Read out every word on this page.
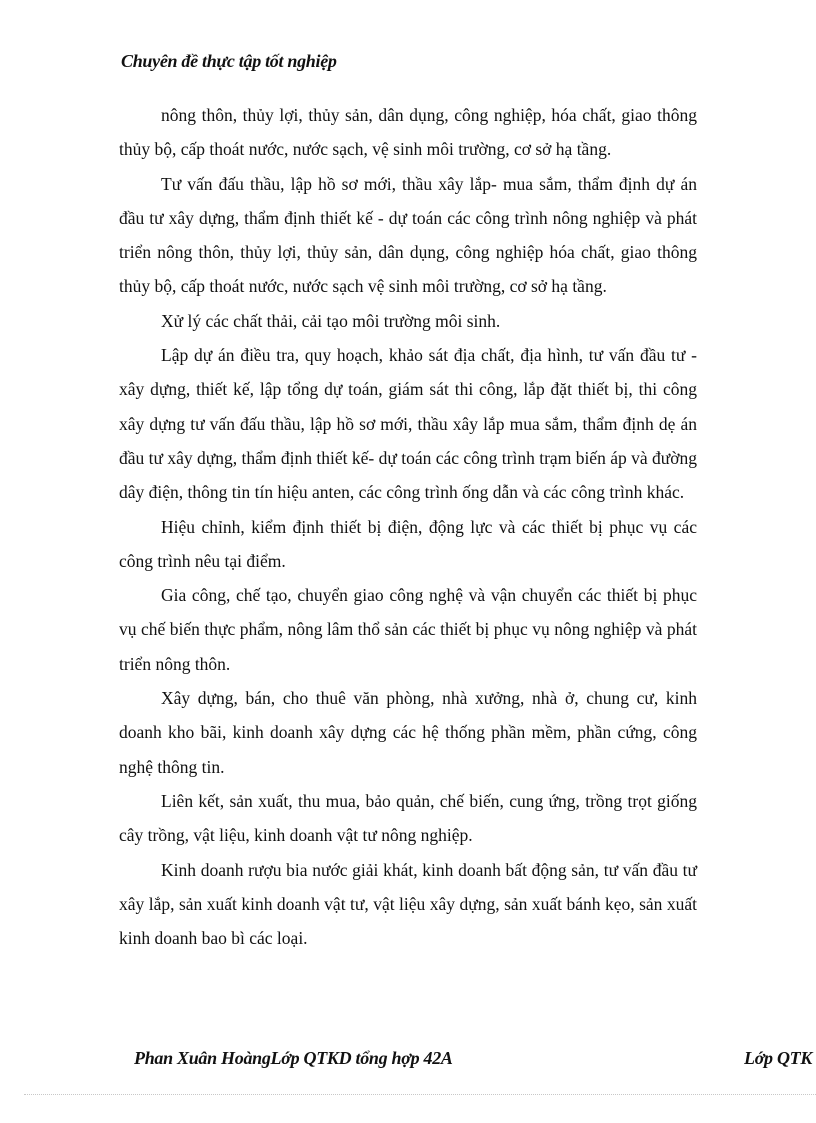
Chuyên đề thực tập tốt nghiệp

nông thôn, thủy lợi, thủy sản, dân dụng, công nghiệp, hóa chất, giao thông thủy bộ, cấp thoát nước, nước sạch, vệ sinh môi trường, cơ sở hạ tầng.

Tư vấn đấu thầu, lập hồ sơ mới, thầu xây lắp- mua sắm, thẩm định dự án đầu tư xây dựng, thẩm định thiết kế - dự toán các công trình nông nghiệp và phát triển nông thôn, thủy lợi, thủy sản, dân dụng, công nghiệp hóa chất, giao thông thủy bộ, cấp thoát nước, nước sạch vệ sinh môi trường, cơ sở hạ tầng.

Xử lý các chất thải, cải tạo môi trường môi sinh.

Lập dự án điều tra, quy hoạch, khảo sát địa chất, địa hình, tư vấn đầu tư - xây dựng, thiết kế, lập tổng dự toán, giám sát thi công, lắp đặt thiết bị, thi công xây dựng tư vấn đấu thầu, lập hồ sơ mới, thầu xây lắp mua sắm, thẩm định dẹ án đầu tư xây dựng, thẩm định thiết kế- dự toán các công trình trạm biến áp và đường dây điện, thông tin tín hiệu anten, các công trình ống dẫn và các công trình khác.

Hiệu chỉnh, kiểm định thiết bị điện, động lực và các thiết bị phục vụ các công trình nêu tại điểm.

Gia công, chế tạo, chuyển giao công nghệ và vận chuyển các thiết bị phục vụ chế biến thực phẩm, nông lâm thổ sản các thiết bị phục vụ nông nghiệp và phát triển nông thôn.

Xây dựng, bán, cho thuê văn phòng, nhà xưởng, nhà ở, chung cư, kinh doanh kho bãi, kinh doanh xây dựng các hệ thống phần mềm, phần cứng, công nghệ thông tin.

Liên kết, sản xuất, thu mua, bảo quản, chế biến, cung ứng, trồng trọt giống cây trồng, vật liệu, kinh doanh vật tư nông nghiệp.

Kinh doanh rượu bia nước giải khát, kinh doanh bất động sản, tư vấn đầu tư xây lắp, sản xuất kinh doanh vật tư, vật liệu xây dựng, sản xuất bánh kẹo, sản xuất kinh doanh bao bì các loại.

Phan Xuân HoàngLớp QTKD tổng hợp 42A	Lớp QTK
